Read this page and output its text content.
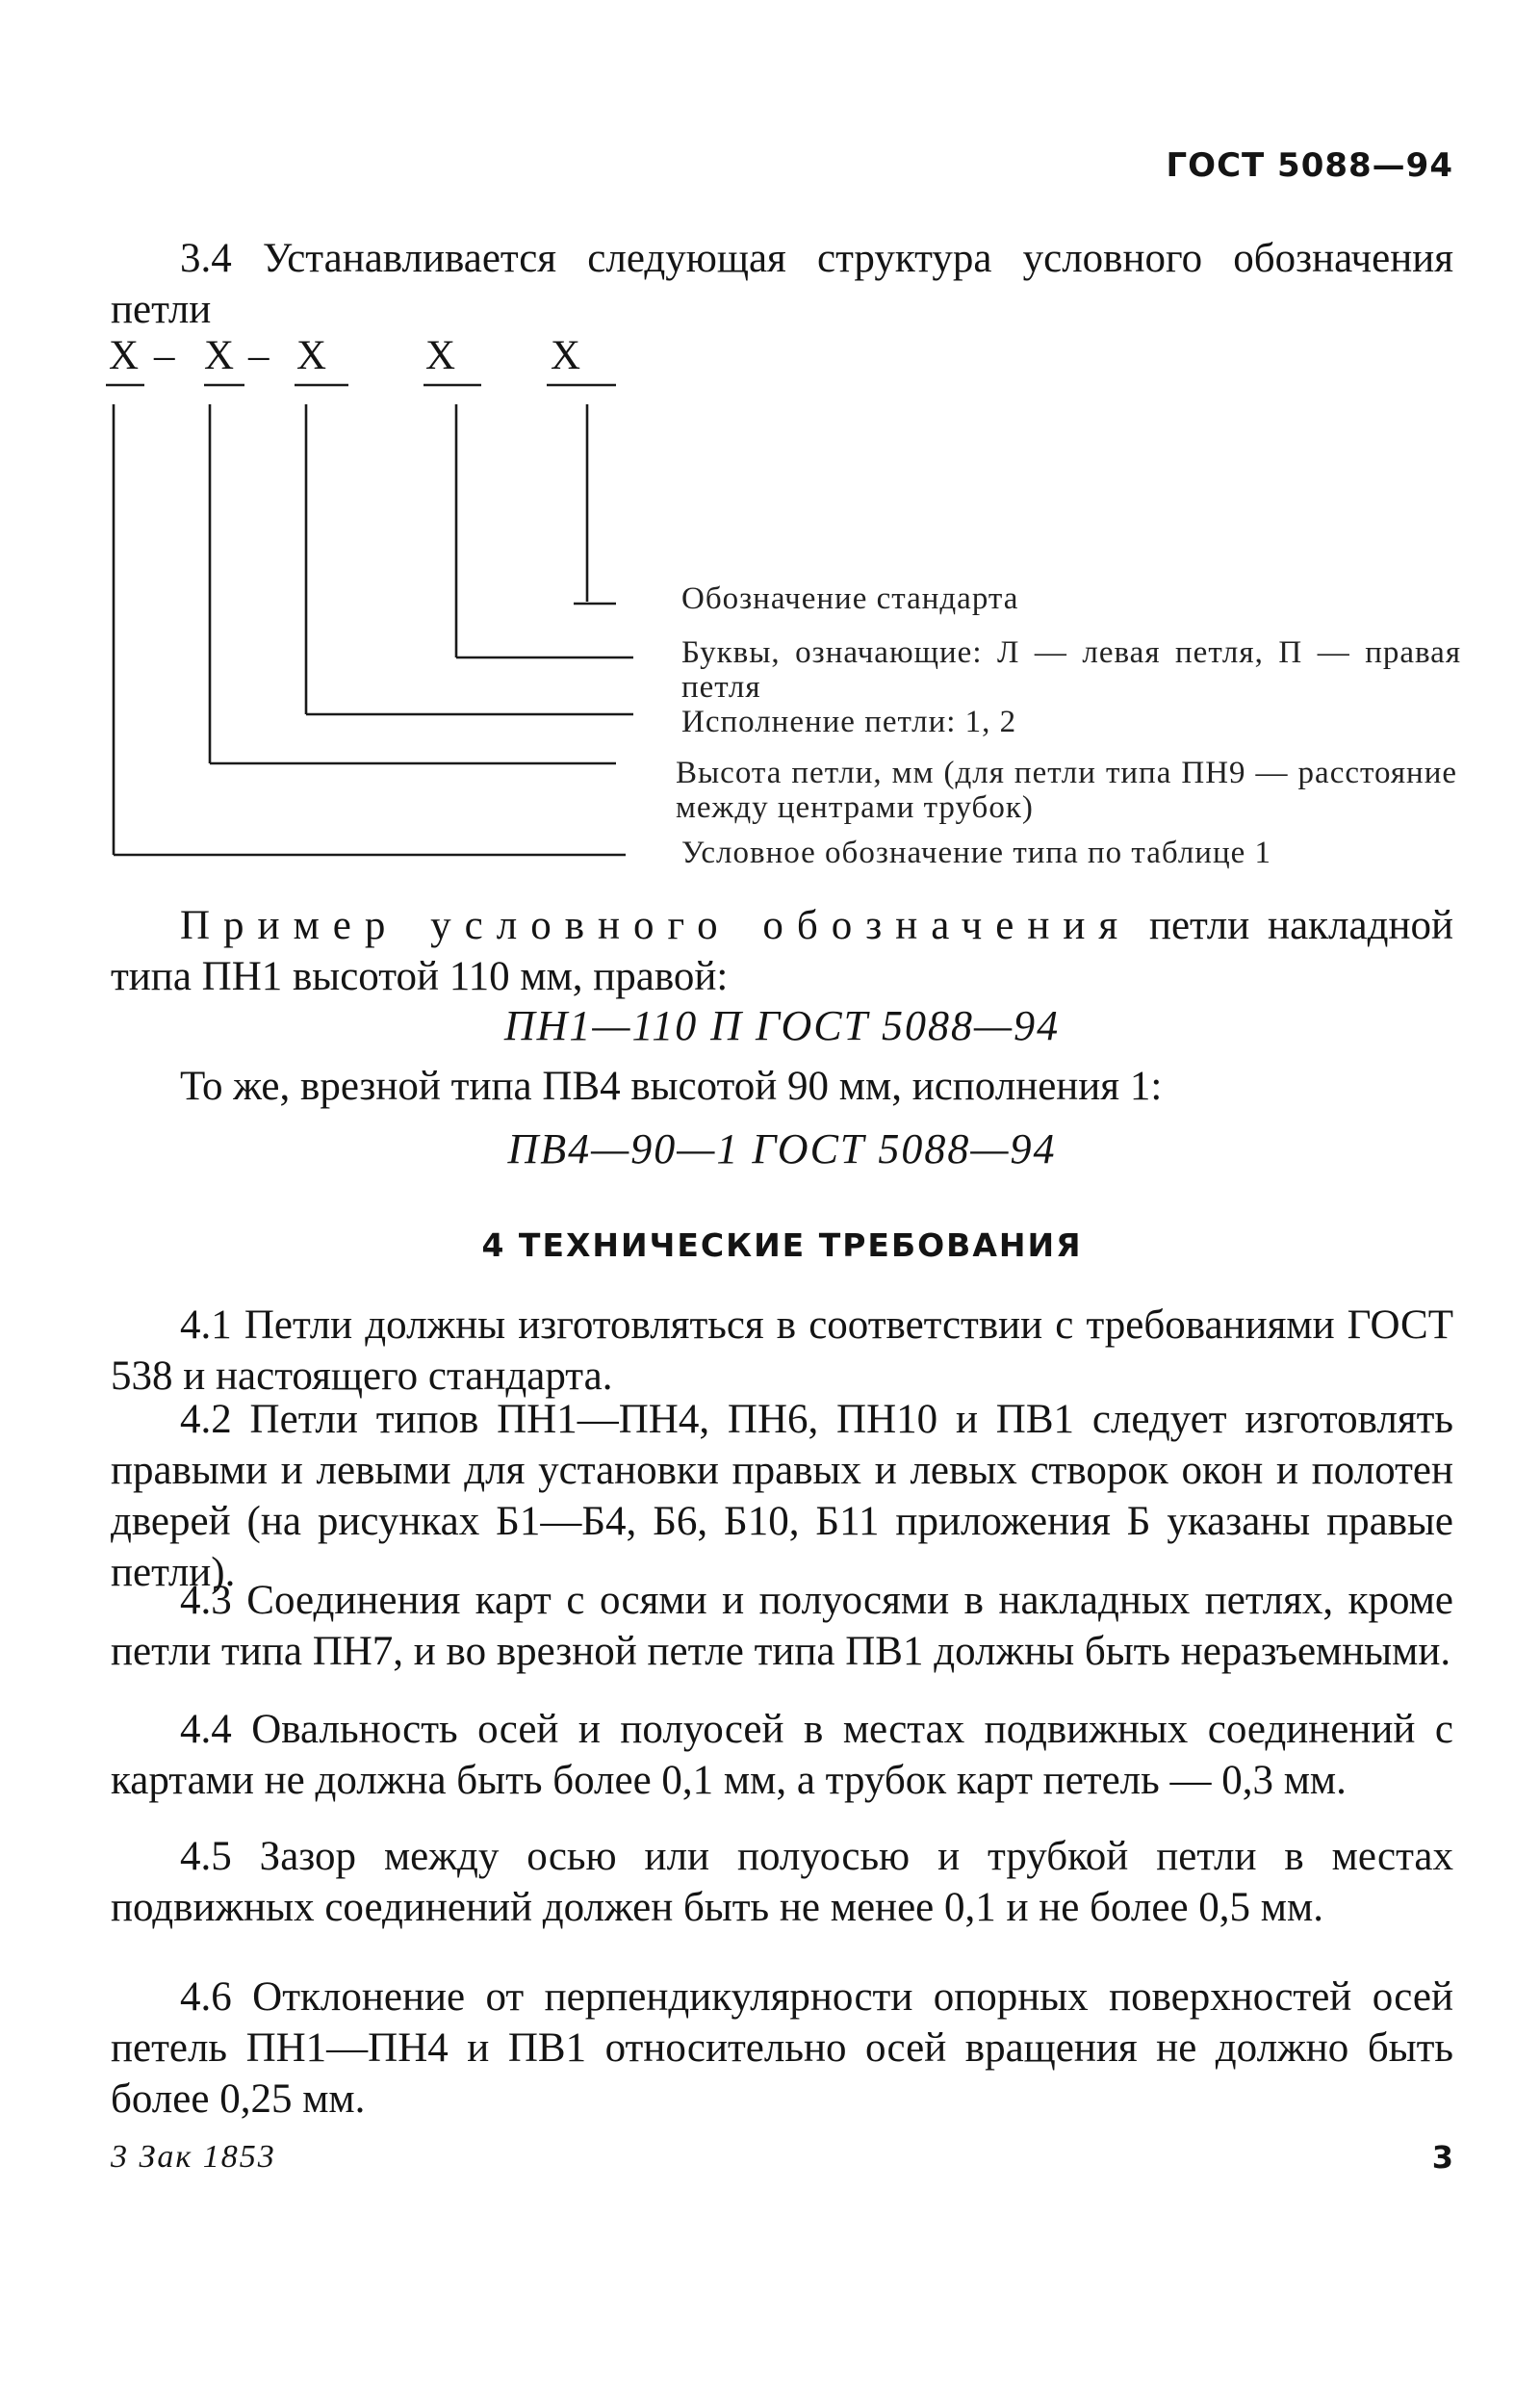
ГОСТ 5088—94

3.4 Устанавливается следующая структура условного обозначения петли

Х – Х – Х Х Х
Обозначение стандарта
Буквы, означающие: Л — левая петля, П — правая петля
Исполнение петли: 1, 2
Высота петли, мм (для петли типа ПН9 — расстояние между центрами трубок)
Условное обозначение типа по таблице 1

Пример условного обозначения петли накладной типа ПН1 высотой 110 мм, правой:

ПН1—110 П ГОСТ 5088—94

То же, врезной типа ПВ4 высотой 90 мм, исполнения 1:

ПВ4—90—1 ГОСТ 5088—94
4 ТЕХНИЧЕСКИЕ ТРЕБОВАНИЯ

4.1 Петли должны изготовляться в соответствии с требованиями ГОСТ 538 и настоящего стандарта.

4.2 Петли типов ПН1—ПН4, ПН6, ПН10 и ПВ1 следует изготовлять правыми и левыми для установки правых и левых створок окон и полотен дверей (на рисунках Б1—Б4, Б6, Б10, Б11 приложения Б указаны правые петли).

4.3 Соединения карт с осями и полуосями в накладных петлях, кроме петли типа ПН7, и во врезной петле типа ПВ1 должны быть неразъемными.

4.4 Овальность осей и полуосей в местах подвижных соединений с картами не должна быть более 0,1 мм, а трубок карт петель — 0,3 мм.

4.5 Зазор между осью или полуосью и трубкой петли в местах подвижных соединений должен быть не менее 0,1 и не более 0,5 мм.

4.6 Отклонение от перпендикулярности опорных поверхностей осей петель ПН1—ПН4 и ПВ1 относительно осей вращения не должно быть более 0,25 мм.

3 Зак 1853	3
